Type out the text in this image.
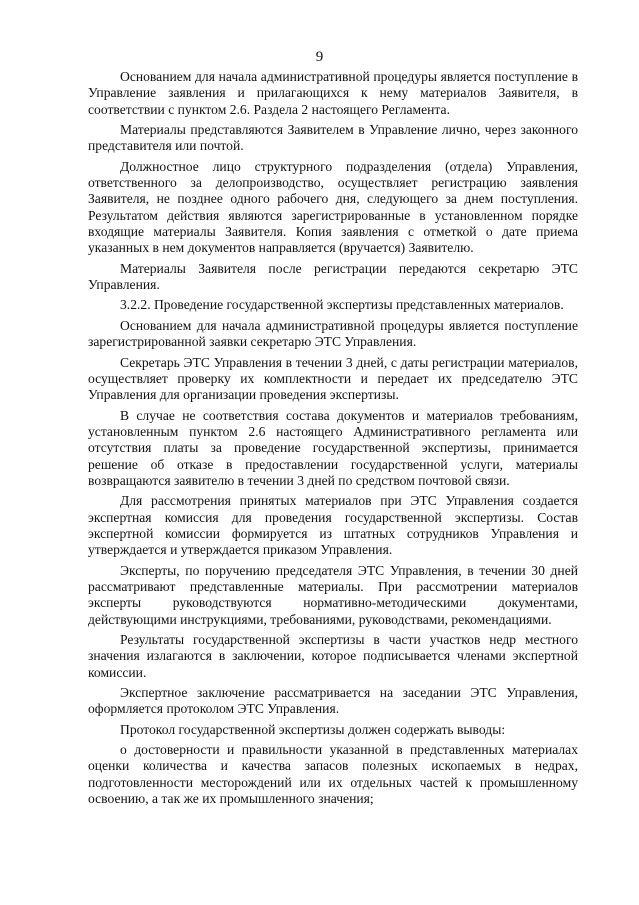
9

Основанием для начала административной процедуры является поступление в Управление заявления и прилагающихся к нему материалов Заявителя, в соответствии с пунктом 2.6. Раздела 2 настоящего Регламента.

Материалы представляются Заявителем в Управление лично, через законного представителя или почтой.

Должностное лицо структурного подразделения (отдела) Управления, ответственного за делопроизводство, осуществляет регистрацию заявления Заявителя, не позднее одного рабочего дня, следующего за днем поступления. Результатом действия являются зарегистрированные в установленном порядке входящие материалы Заявителя. Копия заявления с отметкой о дате приема указанных в нем документов направляется (вручается) Заявителю.

Материалы Заявителя после регистрации передаются секретарю ЭТС Управления.

3.2.2. Проведение государственной экспертизы представленных материалов.

Основанием для начала административной процедуры является поступление зарегистрированной заявки секретарю ЭТС Управления.

Секретарь ЭТС Управления в течении 3 дней, с даты регистрации материалов, осуществляет проверку их комплектности и передает их председателю ЭТС Управления для организации проведения экспертизы.

В случае не соответствия состава документов и материалов требованиям, установленным пунктом 2.6 настоящего Административного регламента или отсутствия платы за проведение государственной экспертизы, принимается решение об отказе в предоставлении государственной услуги, материалы возвращаются заявителю в течении 3 дней по средством почтовой связи.

Для рассмотрения принятых материалов при ЭТС Управления создается экспертная комиссия для проведения государственной экспертизы. Состав экспертной комиссии формируется из штатных сотрудников Управления и утверждается и утверждается приказом Управления.

Эксперты, по поручению председателя ЭТС Управления, в течении 30 дней рассматривают представленные материалы. При рассмотрении материалов эксперты руководствуются нормативно-методическими документами, действующими инструкциями, требованиями, руководствами, рекомендациями.

Результаты государственной экспертизы в части участков недр местного значения излагаются в заключении, которое подписывается членами экспертной комиссии.

Экспертное заключение рассматривается на заседании ЭТС Управления, оформляется протоколом ЭТС Управления.

Протокол государственной экспертизы должен содержать выводы:

о достоверности и правильности указанной в представленных материалах оценки количества и качества запасов полезных ископаемых в недрах, подготовленности месторождений или их отдельных частей к промышленному освоению, а так же их промышленного значения;
